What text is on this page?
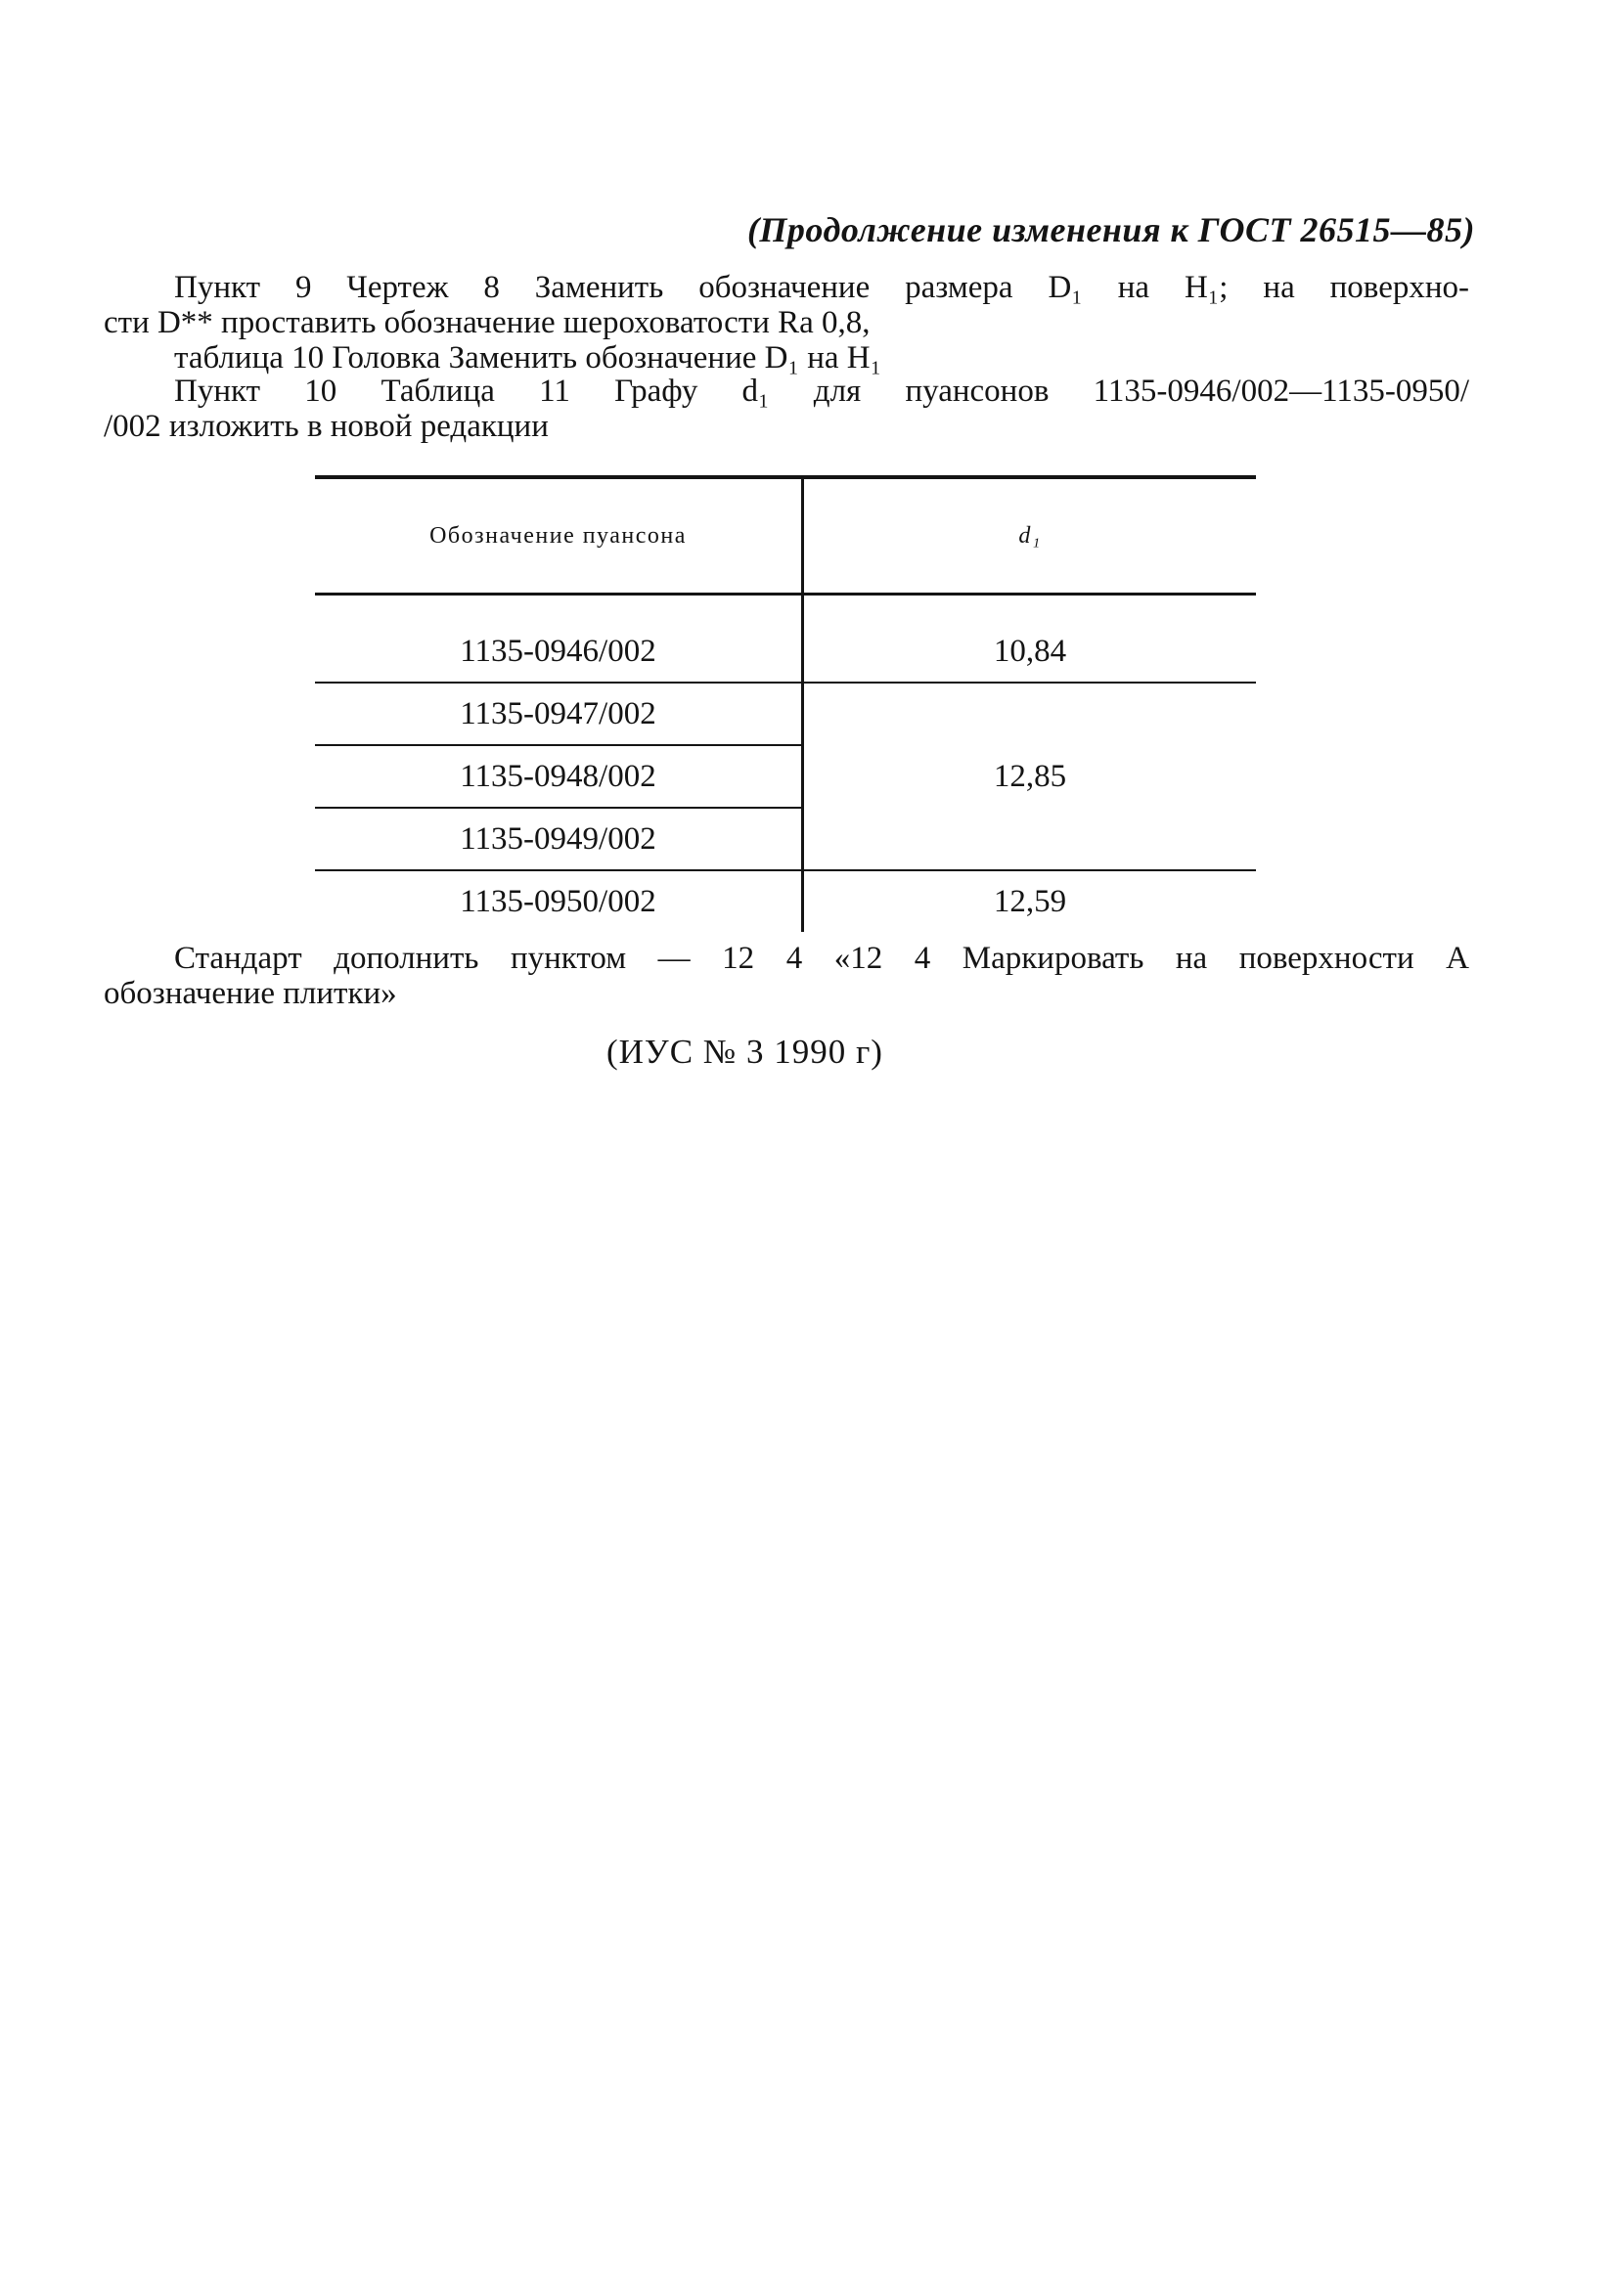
(Продолжение изменения к ГОСТ 26515—85)
Пункт 9 Чертеж 8 Заменить обозначение размера D₁ на H₁; на поверхно-
сти D** проставить обозначение шероховатости Ra 0,8,
таблица 10 Головка Заменить обозначение D₁ на H₁
Пункт 10 Таблица 11 Графу d₁ для пуансонов 1135-0946/002—1135-0950/
/002 изложить в новой редакции
Обозначение пуансона	d₁

1135-0946/002	10,84
1135-0947/002	12,85
1135-0948/002	
1135-0949/002	
1135-0950/002	12,59
Стандарт дополнить пунктом — 12 4 «12 4 Маркировать на поверхности А
обозначение плитки»
(ИУС № 3 1990 г)
